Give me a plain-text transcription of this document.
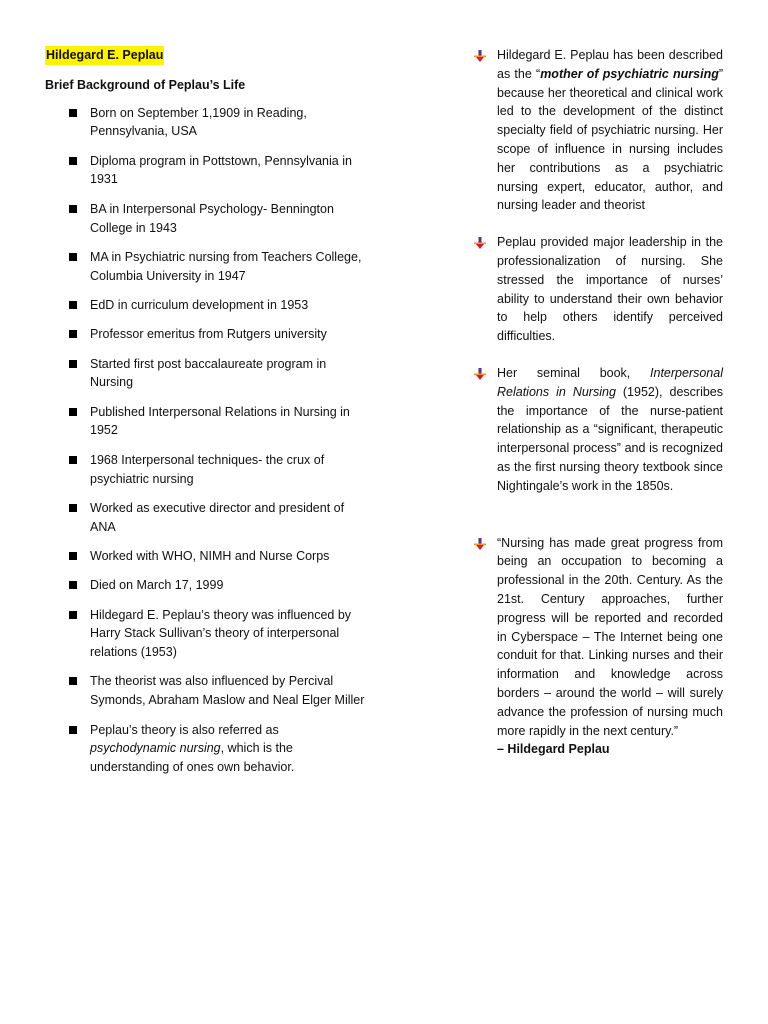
Hildegard E. Peplau
Brief Background of Peplau’s Life
Born on September 1,1909 in Reading, Pennsylvania, USA
Diploma program in Pottstown, Pennsylvania in 1931
BA in Interpersonal Psychology- Bennington College in 1943
MA in Psychiatric nursing from Teachers College, Columbia University in 1947
EdD in curriculum development in 1953
Professor emeritus from Rutgers university
Started first post baccalaureate program in Nursing
Published Interpersonal Relations in Nursing in 1952
1968 Interpersonal techniques- the crux of psychiatric nursing
Worked as executive director and president of ANA
Worked with WHO, NIMH and Nurse Corps
Died on March 17, 1999
Hildegard E. Peplau’s theory was influenced by Harry Stack Sullivan’s theory of interpersonal relations (1953)
The theorist was also influenced by Percival Symonds, Abraham Maslow and Neal Elger Miller
Peplau’s theory is also referred as psychodynamic nursing, which is the understanding of ones own behavior.
Hildegard E. Peplau has been described as the “mother of psychiatric nursing” because her theoretical and clinical work led to the development of the distinct specialty field of psychiatric nursing. Her scope of influence in nursing includes her contributions as a psychiatric nursing expert, educator, author, and nursing leader and theorist
Peplau provided major leadership in the professionalization of nursing. She stressed the importance of nurses’ ability to understand their own behavior to help others identify perceived difficulties.
Her seminal book, Interpersonal Relations in Nursing (1952), describes the importance of the nurse-patient relationship as a “significant, therapeutic interpersonal process” and is recognized as the first nursing theory textbook since Nightingale’s work in the 1850s.
“Nursing has made great progress from being an occupation to becoming a professional in the 20th. Century. As the 21st. Century approaches, further progress will be reported and recorded in Cyberspace – The Internet being one conduit for that. Linking nurses and their information and knowledge across borders – around the world – will surely advance the profession of nursing much more rapidly in the next century.”
– Hildegard Peplau
